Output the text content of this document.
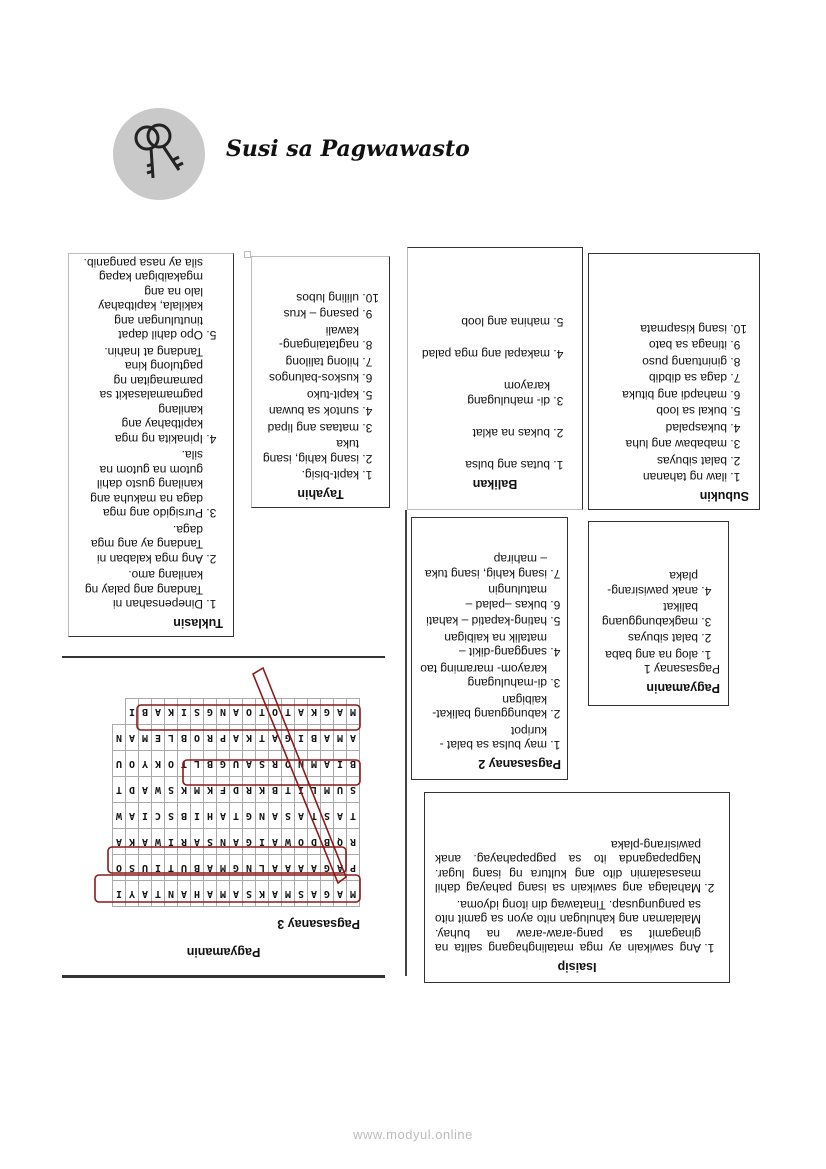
Susi sa Pagwawasto
Subukin
1. ilaw ng tahanan
2. balat sibuyas
3. mababaw ang luha
4. bukaspalad
5. bukal sa loob
6. mahapdi ang bituka
7. daga sa dibdib
8. ginintuang puso
9. itinaga sa bato
10. isang kisapmata
Balikan
1. butas ang bulsa
2. bukas na aklat
3. di- mahulugang karayom
4. makapal ang mga palad
5. mahina ang loob
Tayahin
1. kapit-bisig.
2. isang kahig, isang tuka
3. mataas ang lipad
4. suntok sa buwan
5. kapit-tuko
6. kuskos-balungos
7. hilong talilong
8. nagtataingang-kawali
9. pasang – krus
10. uliling lubos
Tuklasin
1. Dinepensahan ni Tandang ang palay ng kanilang amo.
2. Ang mga kalaban ni Tandang ay ang mga daga.
3. Pursigido ang mga daga na makuha ang kanilang gusto dahil gutom na gutom na sila.
4. Ipinakita ng mga kapitbahay ang kanilang pagmamalasakit sa pamamagitan ng pagtulong kina Tandang at Inahin.
5. Opo dahil dapat tinutulungan ang kakilala, kapitbahay lalo na ang mgakaibigan kapag sila ay nasa panganib.
Pagsasanay 2
1. may bulsa sa balat - kuripot
2. kabungguang balikat- kaibigan
3. di-mahulugang karayom- maraming tao
4. sanggang-dikit – matalik na kaibigan
5. hating-kapatid – kahati
6. bukas –palad – matulungin
7. isang kahig, isang tuka – mahirap
Pagyamanin
Pagsasanay 1
1. alog na ang baba
2. balat sibuyas
3. magkabungguang balikat
4. anak pawisirang-plaka
Isaisip
1. Ang sawikain ay mga matalinghagang salita na ginagamit sa pang-araw-araw na buhay. Malalaman ang kahulugan nito ayon sa gamit nito sa pangungusap. Tinatawag din itong idyoma.
2. Mahalaga ang sawikain sa isang pahayag dahil masasalamin dito ang kultura ng isang lugar. Nagpapaganda ito sa pagpapahayag. anak pawisirang-plaka
Pagyamanin
Pagsasanay 3
M	A	G	A	S	M	A	K	S	A	M	A	H	A	N	T	A	Y	I
P	A	G	A	A	A	A	L	N	G	M	A	B	U	T	I	U	S	O
R	Q	B	D	O	W	A	I	G	A	N	S	A	R	I	W	A	K	A
T	A	S	T	A	S	A	N	G	T	A	H	I	B	S	C	I	A	W
S	U	M	L	I	T	B	K	R	D	F	K	M	K	S	W	A	D	T
B	I	A	M	N	O	R	S	A	U	G	B	L	T	O	K	Y	O	U
A	M	A	B	I	G	A	T	K	A	P	R	O	B	L	E	M	A	N
M	A	G	K	A	T	O	T	O	A	N	G	S	I	K	A	B	I	
www.modyul.online
